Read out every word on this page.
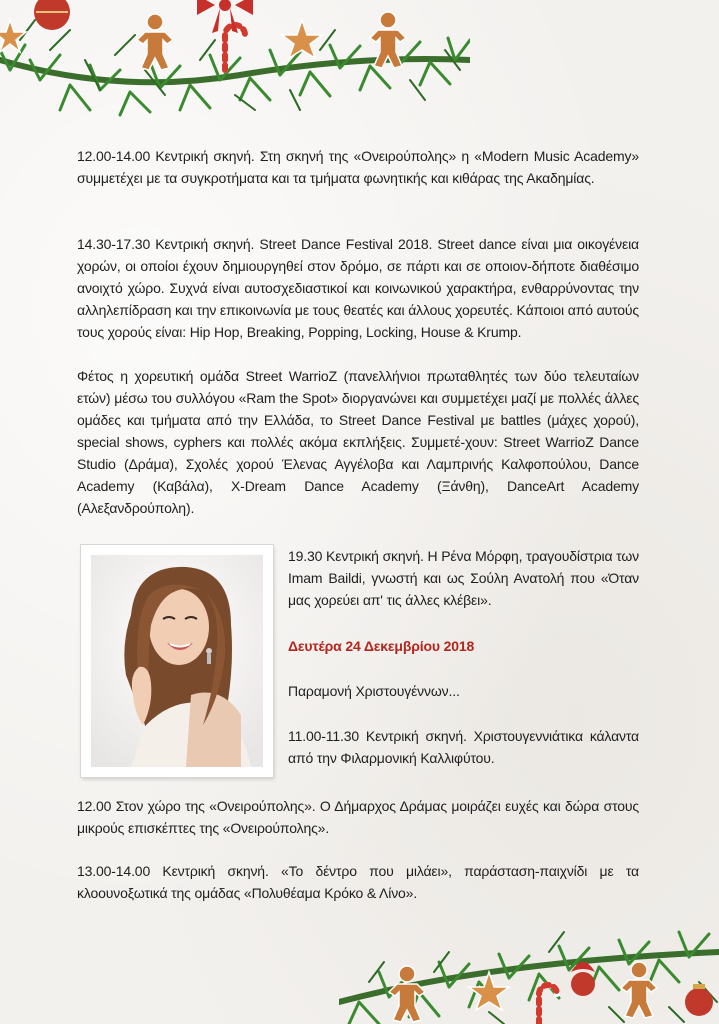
12.00-14.00 Κεντρική σκηνή. Στη σκηνή της «Ονειρούπολης» η «Modern Music Academy» συμμετέχει με τα συγκροτήματα και τα τμήματα φωνητικής και κιθάρας της Ακαδημίας.

14.30-17.30 Κεντρική σκηνή. Street Dance Festival 2018. Street dance είναι μια οικογένεια χορών, οι οποίοι έχουν δημιουργηθεί στον δρόμο, σε πάρτι και σε οποιον-δήποτε διαθέσιμο ανοιχτό χώρο. Συχνά είναι αυτοσχεδιαστικοί και κοινωνικού χαρακτήρα, ενθαρρύνοντας την αλληλεπίδραση και την επικοινωνία με τους θεατές και άλλους χορευτές. Κάποιοι από αυτούς τους χορούς είναι: Hip Hop, Breaking, Popping, Locking, House & Krump.

Φέτος η χορευτική ομάδα Street WarrioZ (πανελλήνιοι πρωταθλητές των δύο τελευταίων ετών) μέσω του συλλόγου «Ram the Spot» διοργανώνει και συμμετέχει μαζί με πολλές άλλες ομάδες και τμήματα από την Ελλάδα, το Street Dance Festival με battles (μάχες χορού), special shows, cyphers και πολλές ακόμα εκπλήξεις. Συμμετέ-χουν: Street WarrioZ Dance Studio (Δράμα), Σχολές χορού Έλενας Αγγέλοβα και Λαμπρινής Καλφοπούλου, Dance Academy (Καβάλα), X-Dream Dance Academy (Ξάνθη), DanceArt Academy (Αλεξανδρούπολη).

19.30 Κεντρική σκηνή. Η Ρένα Μόρφη, τραγουδίστρια των Imam Baildi, γνωστή και ως Σούλη Ανατολή που «Όταν μας χορεύει απ' τις άλλες κλέβει».

Δευτέρα 24 Δεκεμβρίου 2018

Παραμονή Χριστουγέννων...

11.00-11.30 Κεντρική σκηνή. Χριστουγεννιάτικα κάλαντα από την Φιλαρμονική Καλλιφύτου.

12.00 Στον χώρο της «Ονειρούπολης». Ο Δήμαρχος Δράμας μοιράζει ευχές και δώρα στους μικρούς επισκέπτες της «Ονειρούπολης».

13.00-14.00 Κεντρική σκηνή. «Το δέντρο που μιλάει», παράσταση-παιχνίδι με τα κλοουνοξωτικά της ομάδας «Πολυθέαμα Κρόκο & Λίνο».
